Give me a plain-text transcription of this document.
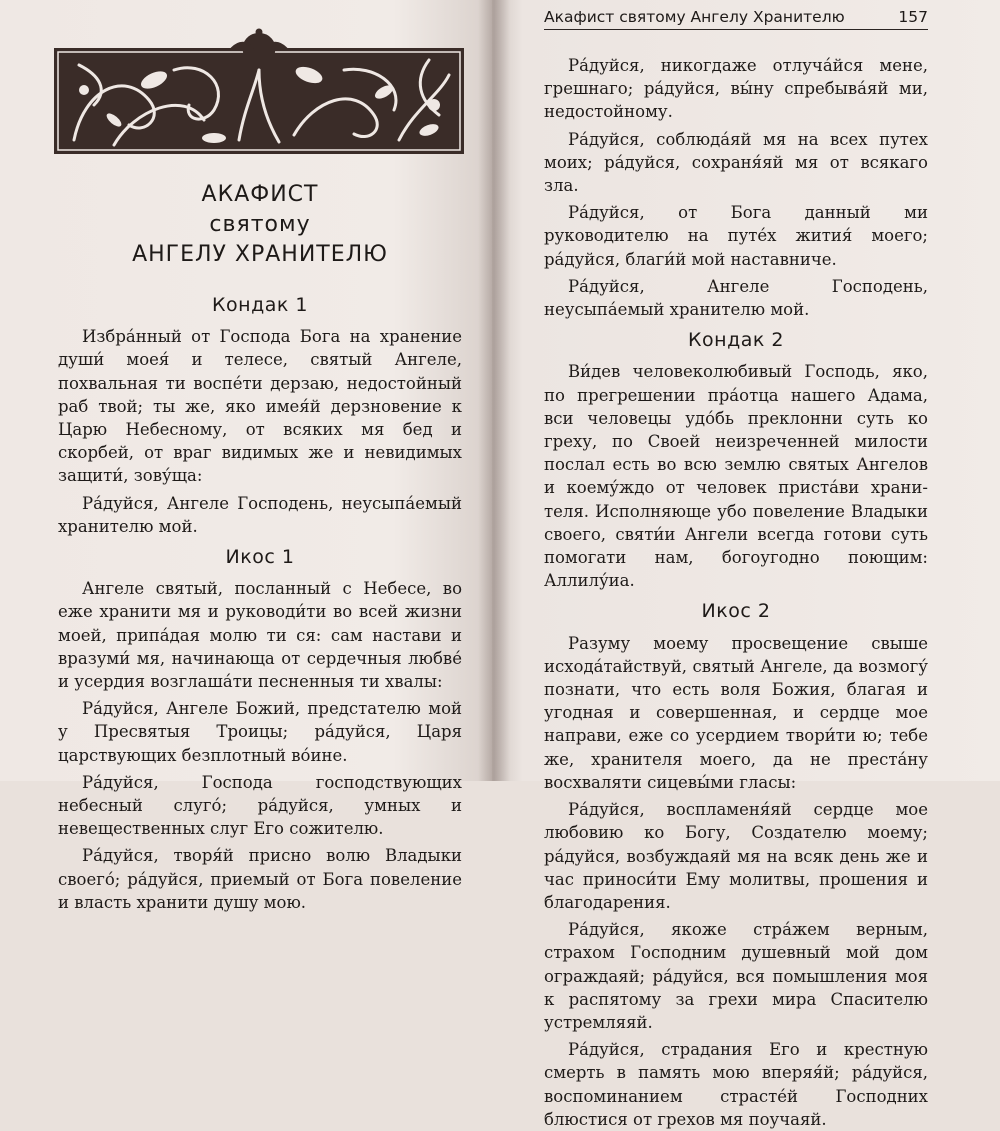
АКАФИСТ
святому
АНГЕЛУ ХРАНИТЕЛЮ
Кондак 1

Избра́нный от Господа Бога на хранение души́ моея́ и телесе, святый Ангеле, похвальная ти воспе́ти дерзаю, недостойный раб твой; ты же, яко имея́й дерзновение к Царю Небесному, от всяких мя бед и скорбей, от враг видимых же и невидимых защити́, зову́ща:

Ра́дуйся, Ангеле Господень, неусыпа́емый хранителю мой.

Икос 1

Ангеле святый, посланный с Небесе, во еже хранити мя и руководи́ти во всей жизни моей, припа́дая молю ти ся: сам настави и вразуми́ мя, начинающа от сердечныя любве́ и усердия возглаша́ти песненныя ти хвалы:

Ра́дуйся, Ангеле Божий, предстателю мой у Пресвятыя Троицы; ра́дуйся, Царя царствующих безплотный во́ине.

Ра́дуйся, Господа господствующих небесный слуго́; ра́дуйся, умных и невещественных слуг Его сожителю.

Ра́дуйся, творя́й присно волю Владыки своего́; ра́дуйся, приемый от Бога повеление и власть хранити душу мою.

Акафист святому Ангелу Хранителю	157

Ра́дуйся, никогдаже отлуча́йся мене, грешнаго; ра́дуйся, вы́ну спребыва́яй ми, недостойному.

Ра́дуйся, соблюда́яй мя на всех путех моих; ра́дуйся, сохраня́яй мя от всякаго зла.

Ра́дуйся, от Бога данный ми руководителю на путе́х жития́ моего; ра́дуйся, благи́й мой наставниче.

Ра́дуйся, Ангеле Господень, неусыпа́емый хранителю мой.

Кондак 2

Ви́дев человеколюбивый Господь, яко, по прегрешении пра́отца нашего Адама, вси человецы удо́бь преклонни суть ко греху, по Своей неизреченней милости послал есть во всю землю святых Ангелов и коему́ждо от человек приста́ви хранителя. Исполняюще убо повеление Владыки своего, святи́и Ангели всегда готови суть помогати нам, богоугодно поющим: Аллилу́иа.

Икос 2

Разуму моему просвещение свыше исхода́тайствуй, святый Ангеле, да возмогу́ познати, что есть воля Божия, благая и угодная и совершенная, и сердце мое направи, еже со усердием твори́ти ю; тебе же, хранителя моего, да не преста́ну восхваляти сицевы́ми гласы:

Ра́дуйся, воспламеня́яй сердце мое любовию ко Богу, Создателю моему; ра́дуйся, возбуждаяй мя на всяк день же и час приноси́ти Ему молитвы, прошения и благодарения.

Ра́дуйся, якоже стра́жем верным, страхом Господним душевный мой дом ограждаяй; ра́дуйся, вся помышления моя к распятому за грехи мира Спасителю устремляяй.

Ра́дуйся, страдания Его и крестную смерть в память мою вперяя́й; ра́дуйся, воспоминанием страсте́й Господних блюстися от грехов мя поучаяй.
